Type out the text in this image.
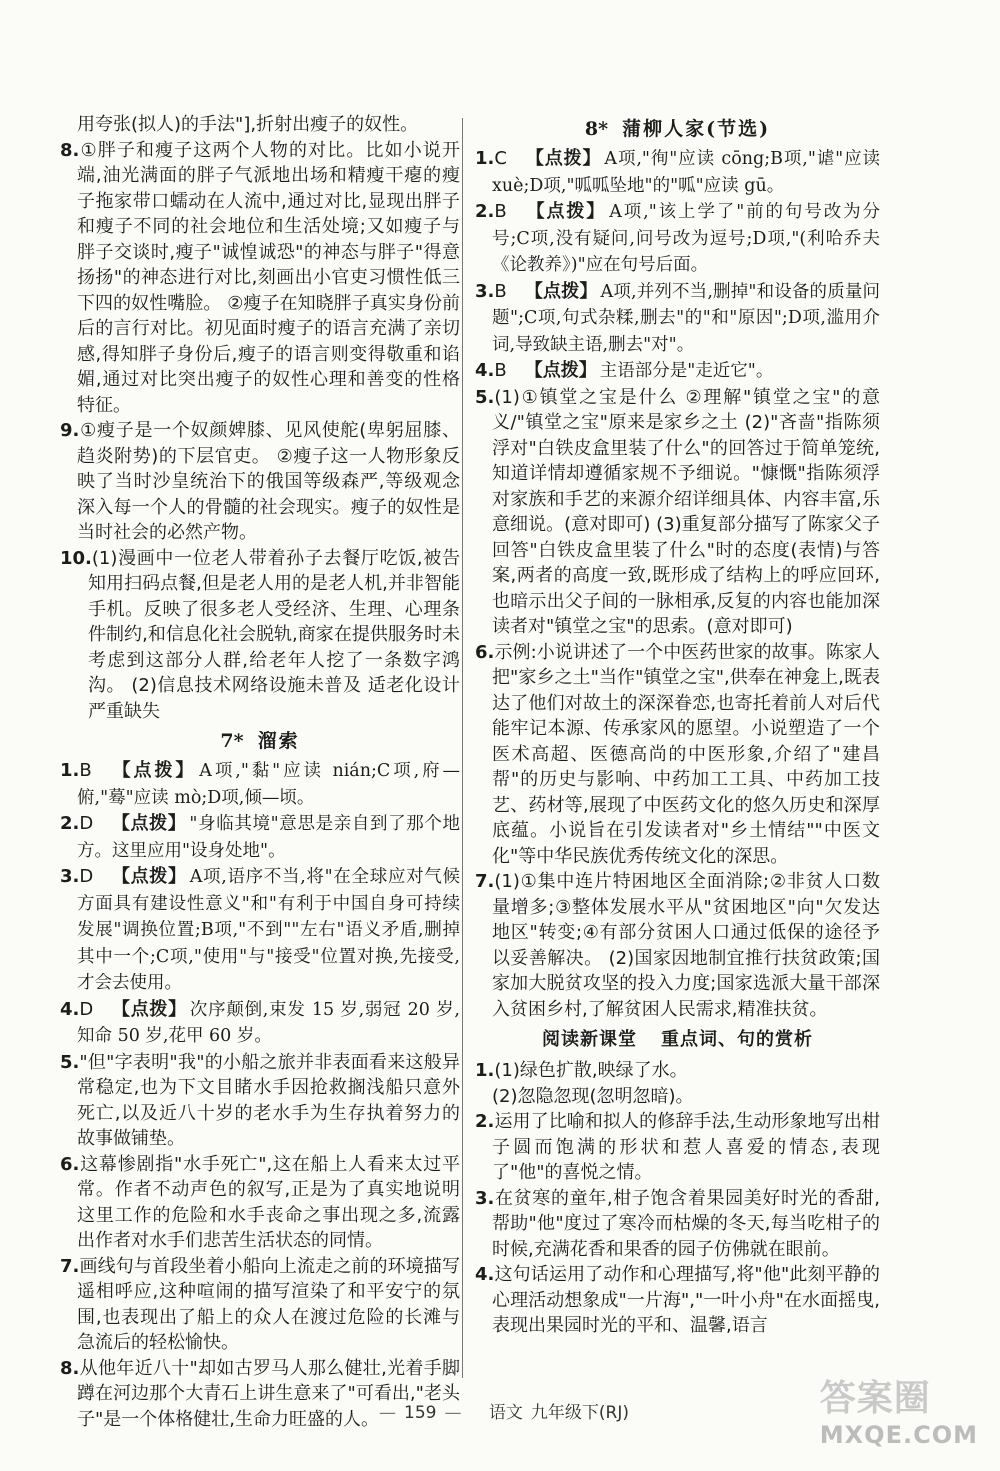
用夸张(拟人)的手法"],折射出瘦子的奴性。
8.①胖子和瘦子这两个人物的对比。比如小说开端,油光满面的胖子气派地出场和精瘦干瘪的瘦子拖家带口蠕动在人流中,通过对比,显现出胖子和瘦子不同的社会地位和生活处境;又如瘦子与胖子交谈时,瘦子"诚惶诚恐"的神态与胖子"得意扬扬"的神态进行对比,刻画出小官吏习惯性低三下四的奴性嘴脸。 ②瘦子在知晓胖子真实身份前后的言行对比。初见面时瘦子的语言充满了亲切感,得知胖子身份后,瘦子的语言则变得敬重和谄媚,通过对比突出瘦子的奴性心理和善变的性格特征。
9.①瘦子是一个奴颜婢膝、见风使舵(卑躬屈膝、趋炎附势)的下层官吏。 ②瘦子这一人物形象反映了当时沙皇统治下的俄国等级森严,等级观念深入每一个人的骨髓的社会现实。瘦子的奴性是当时社会的必然产物。
10.(1)漫画中一位老人带着孙子去餐厅吃饭,被告知用扫码点餐,但是老人用的是老人机,并非智能手机。反映了很多老人受经济、生理、心理条件制约,和信息化社会脱轨,商家在提供服务时未考虑到这部分人群,给老年人挖了一条数字鸿沟。 (2)信息技术网络设施未普及 适老化设计严重缺失
7* 溜索
1.B 【点拨】 A项,"黏"应读 nián;C项,府—俯,"蓦"应读 mò;D项,倾—顷。
2.D 【点拨】 "身临其境"意思是亲自到了那个地方。这里应用"设身处地"。
3.D 【点拨】 A项,语序不当,将"在全球应对气候方面具有建设性意义"和"有利于中国自身可持续发展"调换位置;B项,"不到""左右"语义矛盾,删掉其中一个;C项,"使用"与"接受"位置对换,先接受,才会去使用。
4.D 【点拨】 次序颠倒,束发 15 岁,弱冠 20 岁,知命 50 岁,花甲 60 岁。
5."但"字表明"我"的小船之旅并非表面看来这般异常稳定,也为下文目睹水手因抢救搁浅船只意外死亡,以及近八十岁的老水手为生存执着努力的故事做铺垫。
6.这幕惨剧指"水手死亡",这在船上人看来太过平常。作者不动声色的叙写,正是为了真实地说明这里工作的危险和水手丧命之事出现之多,流露出作者对水手们悲苦生活状态的同情。
7.画线句与首段坐着小船向上流走之前的环境描写遥相呼应,这种喧闹的描写渲染了和平安宁的氛围,也表现出了船上的众人在渡过危险的长滩与急流后的轻松愉快。
8.从他年近八十"却如古罗马人那么健壮,光着手脚蹲在河边那个大青石上讲生意来了"可看出,"老头子"是一个体格健壮,生命力旺盛的人。
8* 蒲柳人家(节选)
1.C 【点拨】 A项,"徇"应读 cōng;B项,"谑"应读 xuè;D项,"呱呱坠地"的"呱"应读 gū。
2.B 【点拨】 A项,"该上学了"前的句号改为分号;C项,没有疑问,问号改为逗号;D项,"(利哈乔夫《论教养》)"应在句号后面。
3.B 【点拨】 A项,并列不当,删掉"和设备的质量问题";C项,句式杂糅,删去"的"和"原因";D项,滥用介词,导致缺主语,删去"对"。
4.B 【点拨】 主语部分是"走近它"。
5.(1)①镇堂之宝是什么 ②理解"镇堂之宝"的意义/"镇堂之宝"原来是家乡之土 (2)"吝啬"指陈须浮对"白铁皮盒里装了什么"的回答过于简单笼统,知道详情却遵循家规不予细说。"慷慨"指陈须浮对家族和手艺的来源介绍详细具体、内容丰富,乐意细说。(意对即可) (3)重复部分描写了陈家父子回答"白铁皮盒里装了什么"时的态度(表情)与答案,两者的高度一致,既形成了结构上的呼应回环,也暗示出父子间的一脉相承,反复的内容也能加深读者对"镇堂之宝"的思索。(意对即可)
6.示例:小说讲述了一个中医药世家的故事。陈家人把"家乡之土"当作"镇堂之宝",供奉在神龛上,既表达了他们对故土的深深眷恋,也寄托着前人对后代能牢记本源、传承家风的愿望。小说塑造了一个医术高超、医德高尚的中医形象,介绍了"建昌帮"的历史与影响、中药加工工具、中药加工技艺、药材等,展现了中医药文化的悠久历史和深厚底蕴。小说旨在引发读者对"乡土情结""中医文化"等中华民族优秀传统文化的深思。
7.(1)①集中连片特困地区全面消除;②非贫人口数量增多;③整体发展水平从"贫困地区"向"欠发达地区"转变;④有部分贫困人口通过低保的途径予以妥善解决。 (2)国家因地制宜推行扶贫政策;国家加大脱贫攻坚的投入力度;国家选派大量干部深入贫困乡村,了解贫困人民需求,精准扶贫。
阅读新课堂 重点词、句的赏析
1.(1)绿色扩散,映绿了水。
(2)忽隐忽现(忽明忽暗)。
2.运用了比喻和拟人的修辞手法,生动形象地写出柑子圆而饱满的形状和惹人喜爱的情态,表现了"他"的喜悦之情。
3.在贫寒的童年,柑子饱含着果园美好时光的香甜,帮助"他"度过了寒冷而枯燥的冬天,每当吃柑子的时候,充满花香和果香的园子仿佛就在眼前。
4.这句话运用了动作和心理描写,将"他"此刻平静的心理活动想象成"一片海","一叶小舟"在水面摇曳,表现出果园时光的平和、温馨,语言
— 159 — 语文 九年级下(RJ)	答案圈
MXQE.COM
